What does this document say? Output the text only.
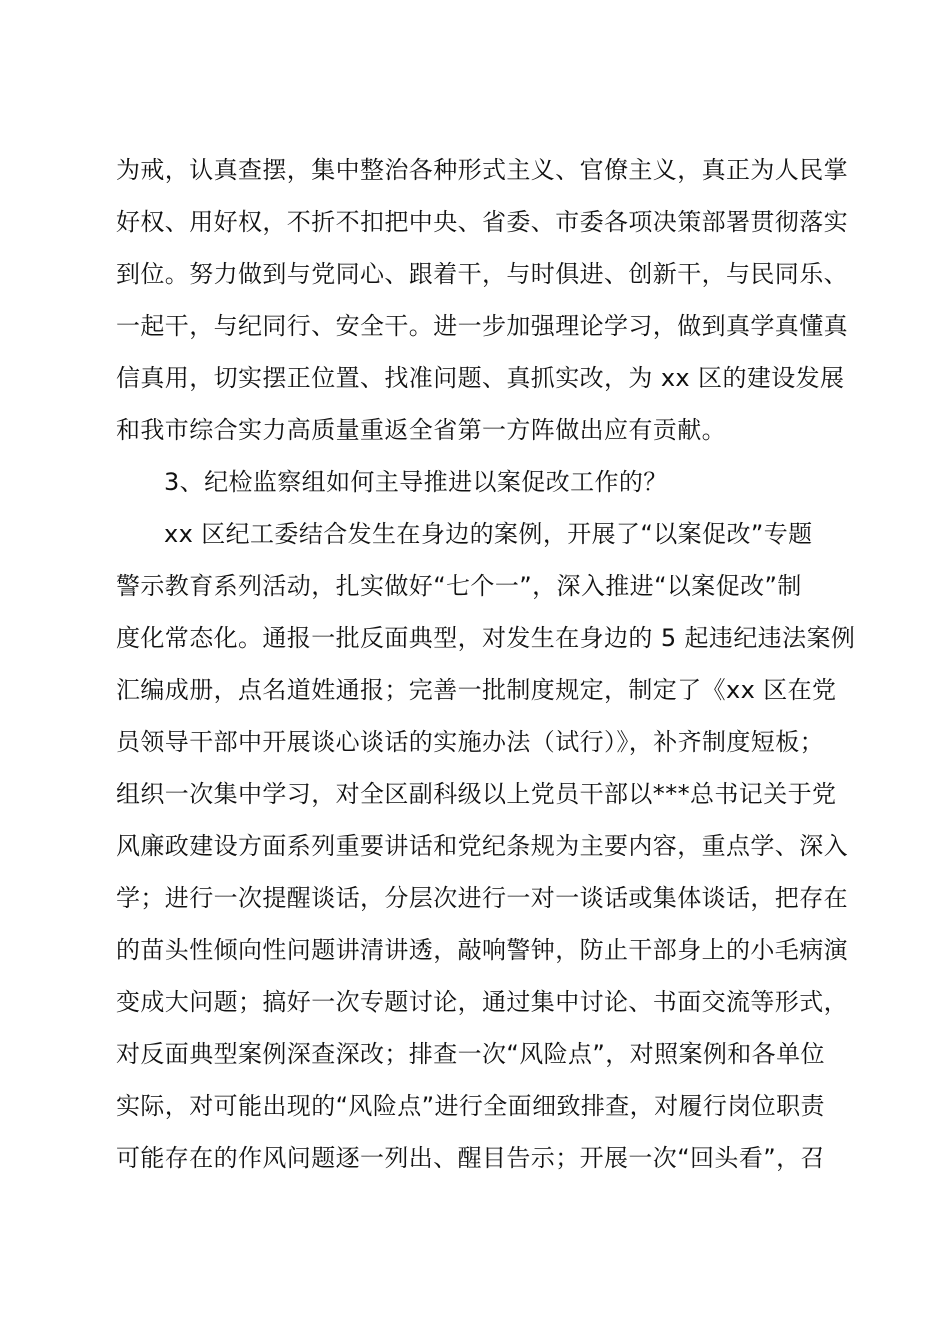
为戒，认真查摆，集中整治各种形式主义、官僚主义，真正为人民掌
好权、用好权，不折不扣把中央、省委、市委各项决策部署贯彻落实
到位。努力做到与党同心、跟着干，与时俱进、创新干，与民同乐、
一起干，与纪同行、安全干。进一步加强理论学习，做到真学真懂真
信真用，切实摆正位置、找准问题、真抓实改，为 xx 区的建设发展
和我市综合实力高质量重返全省第一方阵做出应有贡献。
3、纪检监察组如何主导推进以案促改工作的？
xx 区纪工委结合发生在身边的案例，开展了“以案促改”专题
警示教育系列活动，扎实做好“七个一”，深入推进“以案促改”制
度化常态化。通报一批反面典型，对发生在身边的 5 起违纪违法案例
汇编成册，点名道姓通报；完善一批制度规定，制定了《xx 区在党
员领导干部中开展谈心谈话的实施办法（试行）》，补齐制度短板；
组织一次集中学习，对全区副科级以上党员干部以***总书记关于党
风廉政建设方面系列重要讲话和党纪条规为主要内容，重点学、深入
学；进行一次提醒谈话，分层次进行一对一谈话或集体谈话，把存在
的苗头性倾向性问题讲清讲透，敲响警钟，防止干部身上的小毛病演
变成大问题；搞好一次专题讨论，通过集中讨论、书面交流等形式，
对反面典型案例深查深改；排查一次“风险点”，对照案例和各单位
实际，对可能出现的“风险点”进行全面细致排查，对履行岗位职责
可能存在的作风问题逐一列出、醒目告示；开展一次“回头看”，召
